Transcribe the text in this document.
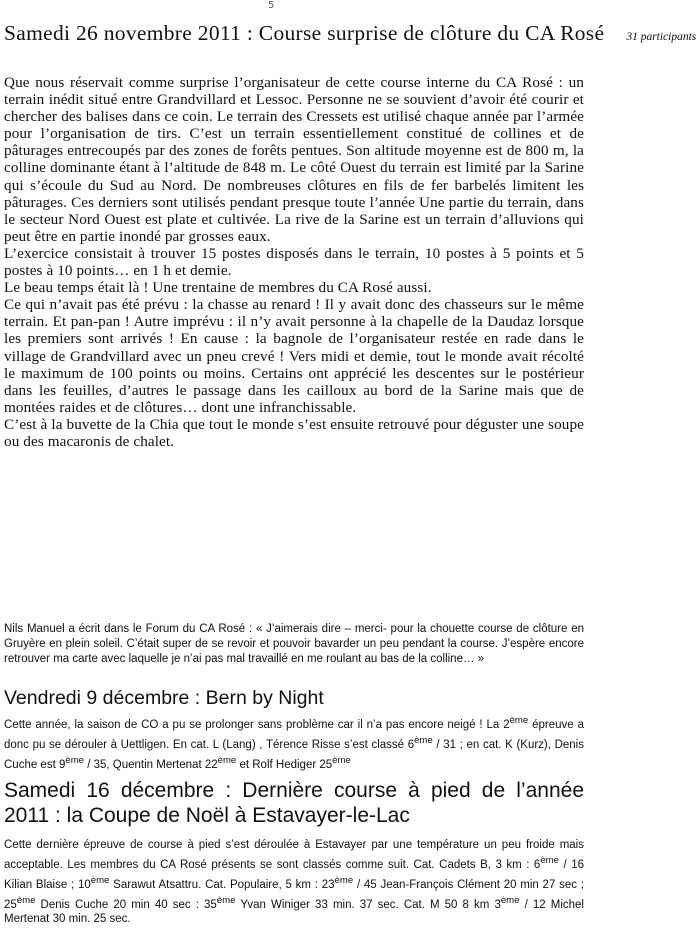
5
Samedi 26 novembre 2011 : Course surprise de clôture du CA Rosé 31 participants

Que nous réservait comme surprise l’organisateur de cette course interne du CA Rosé : un terrain inédit situé entre Grandvillard et Lessoc. Personne ne se souvient d’avoir été courir et chercher des balises dans ce coin. Le terrain des Cressets est utilisé chaque année par l’armée pour l’organisation de tirs. C’est un terrain essentiellement constitué de collines et de pâturages entrecoupés par des zones de forêts pentues. Son altitude moyenne est de 800 m, la colline dominante étant à l’altitude de 848 m. Le côté Ouest du terrain est limité par la Sarine qui s’écoule du Sud au Nord. De nombreuses clôtures en fils de fer barbelés limitent les pâturages. Ces derniers sont utilisés pendant presque toute l’année Une partie du terrain, dans le secteur Nord Ouest est plate et cultivée. La rive de la Sarine est un terrain d’alluvions qui peut être en partie inondé par grosses eaux.

L’exercice consistait à trouver 15 postes disposés dans le terrain, 10 postes à 5 points et 5 postes à 10 points… en 1 h et demie.

Le beau temps était là ! Une trentaine de membres du CA Rosé aussi.

Ce qui n’avait pas été prévu : la chasse au renard ! Il y avait donc des chasseurs sur le même terrain. Et pan-pan ! Autre imprévu : il n’y avait personne à la chapelle de la Daudaz lorsque les premiers sont arrivés ! En cause : la bagnole de l’organisateur restée en rade dans le village de Grandvillard avec un pneu crevé ! Vers midi et demie, tout le monde avait récolté le maximum de 100 points ou moins. Certains ont apprécié les descentes sur le postérieur dans les feuilles, d’autres le passage dans les cailloux au bord de la Sarine mais que de montées raides et de clôtures… dont une infranchissable.

C’est à la buvette de la Chia que tout le monde s’est ensuite retrouvé pour déguster une soupe ou des macaronis de chalet.

Nils Manuel a écrit dans le Forum du CA Rosé : « J’aimerais dire – merci- pour la chouette course de clôture en Gruyère en plein soleil. C’était super de se revoir et pouvoir bavarder un peu pendant la course. J’espère encore retrouver ma carte avec laquelle je n’ai pas mal travaillé en me roulant au bas de la colline… »
Vendredi 9 décembre : Bern by Night
Cette année, la saison de CO a pu se prolonger sans problème car il n’a pas encore neigé ! La 2ème épreuve a donc pu se dérouler à Uettligen. En cat. L (Lang) , Térence Risse s’est classé 6ème / 31 ; en cat. K (Kurz), Denis Cuche est 9ème / 35, Quentin Mertenat 22ème et Rolf Hediger 25ème
Samedi 16 décembre : Dernière course à pied de l’année 2011 : la Coupe de Noël à Estavayer-le-Lac
Cette dernière épreuve de course à pied s’est déroulée à Estavayer par une température un peu froide mais acceptable. Les membres du CA Rosé présents se sont classés comme suit. Cat. Cadets B, 3 km : 6ème / 16 Kilian Blaise ; 10ème Sarawut Atsattru. Cat. Populaire, 5 km : 23ème / 45 Jean-François Clément 20 min 27 sec ; 25ème Denis Cuche 20 min 40 sec : 35ème Yvan Winiger 33 min. 37 sec. Cat. M 50 8 km 3ème / 12 Michel Mertenat 30 min. 25 sec.
